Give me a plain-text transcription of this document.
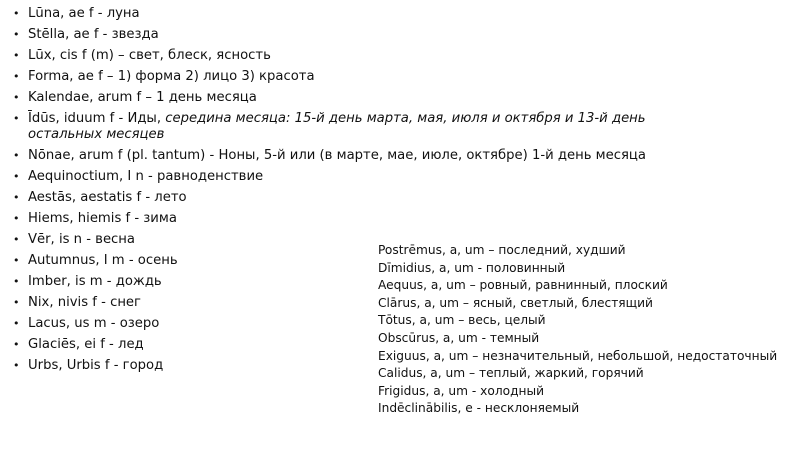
• Lūna, ae f - луна
• Stēlla, ae f - звезда
• Lūx, cis f (m) – свет, блеск, ясность
• Forma, ae f – 1) форма 2) лицо 3) красота
• Kalendae, arum f – 1 день месяца
• Īdūs, iduum f - Иды, середина месяца: 15-й день марта, мая, июля и октября и 13-й день остальных месяцев
• Nōnae, arum f (pl. tantum) - Ноны, 5-й или (в марте, мае, июле, октябре) 1-й день месяца
• Aequinoctium, I n - равноденствие
• Aestās, aestatis f - лето
• Hiems, hiemis f - зима
• Vēr, is n - весна
• Autumnus, I m - осень
• Imber, is m - дождь
• Nix, nivis f - снег
• Lacus, us m - озеро
• Glaciēs, ei f - лед
• Urbs, Urbis f - город
Postrēmus, a, um – последний, худший
Dīmidius, a, um - половинный
Aequus, a, um – ровный, равнинный, плоский
Clārus, a, um – ясный, светлый, блестящий
Tōtus, a, um – весь, целый
Obscūrus, a, um - темный
Exiguus, a, um – незначительный, небольшой, недостаточный
Calidus, a, um – теплый, жаркий, горячий
Frigidus, a, um - холодный
Indēclinābilis, e - несклоняемый
